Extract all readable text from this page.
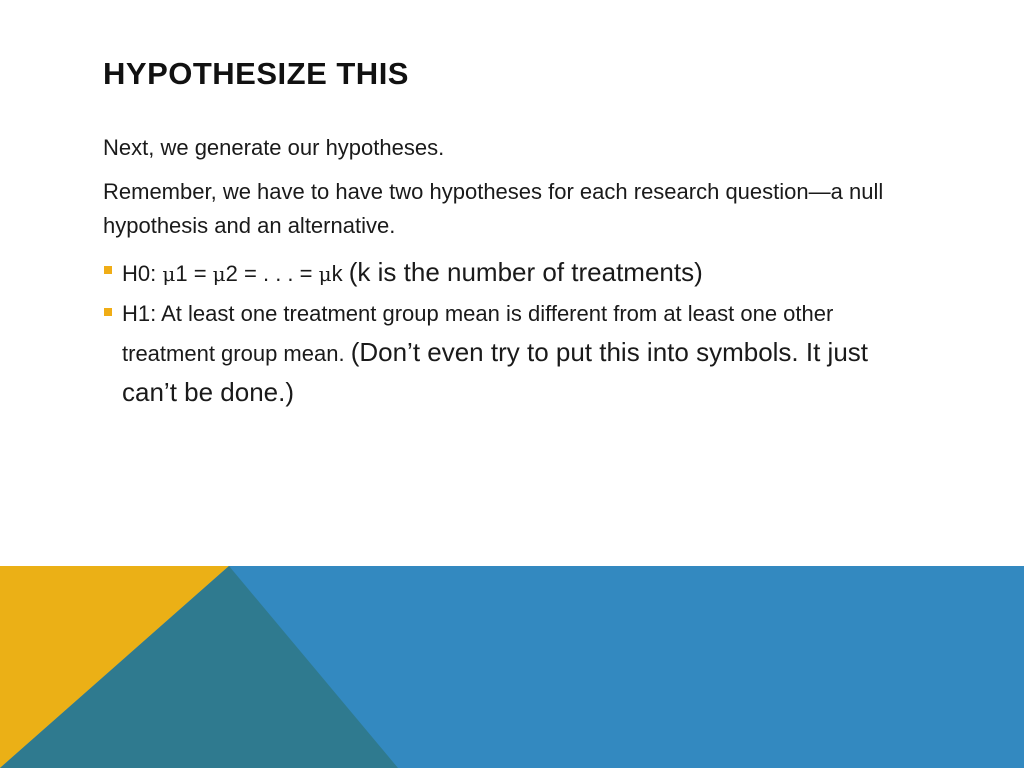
HYPOTHESIZE THIS

Next, we generate our hypotheses.

Remember, we have to have two hypotheses for each research question—a null hypothesis and an alternative.

H0: μ1 = μ2 = . . . = μk (k is the number of treatments)
H1: At least one treatment group mean is different from at least one other treatment group mean. (Don’t even try to put this into symbols. It just can’t be done.)
